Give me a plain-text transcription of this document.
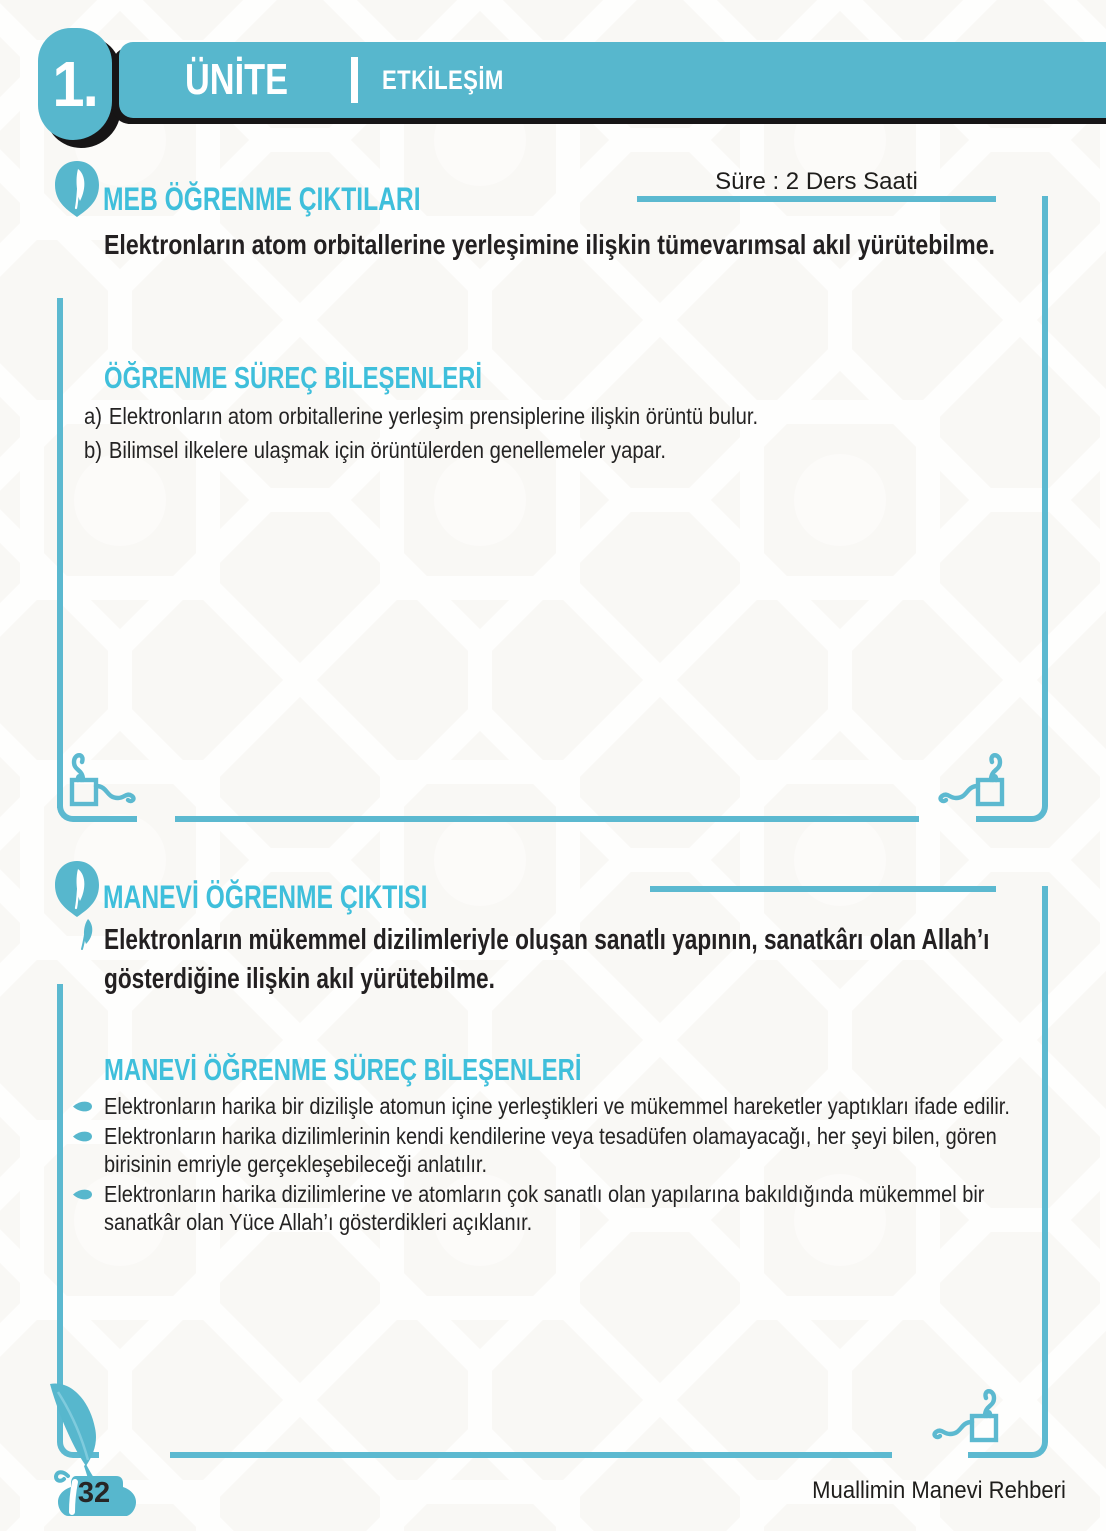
ÜNİTE	ETKİLEŞİM
1.
MEB ÖĞRENME ÇIKTILARI	Süre : 2 Ders Saati
Elektronların atom orbitallerine yerleşimine ilişkin tümevarımsal akıl yürütebilme.
ÖĞRENME SÜREÇ BİLEŞENLERİ
a) Elektronların atom orbitallerine yerleşim prensiplerine ilişkin örüntü bulur.
b) Bilimsel ilkelere ulaşmak için örüntülerden genellemeler yapar.
MANEVİ ÖĞRENME ÇIKTISI
Elektronların mükemmel dizilimleriyle oluşan sanatlı yapının, sanatkârı olan Allah’ı gösterdiğine ilişkin akıl yürütebilme.
MANEVİ ÖĞRENME SÜREÇ BİLEŞENLERİ
Elektronların harika bir dizilişle atomun içine yerleştikleri ve mükemmel hareketler yaptıkları ifade edilir.
Elektronların harika dizilimlerinin kendi kendilerine veya tesadüfen olamayacağı, her şeyi bilen, gören birisinin emriyle gerçekleşebileceği anlatılır.
Elektronların harika dizilimlerine ve atomların çok sanatlı olan yapılarına bakıldığında mükemmel bir sanatkâr olan Yüce Allah’ı gösterdikleri açıklanır.
32	Muallimin Manevi Rehberi
